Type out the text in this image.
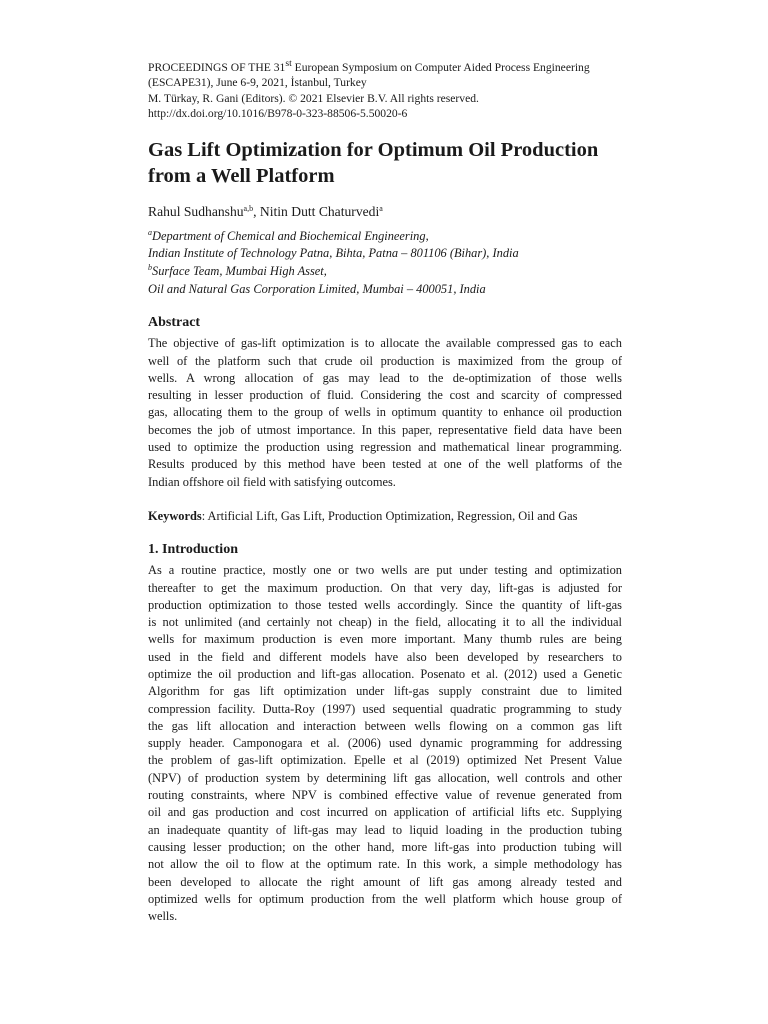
PROCEEDINGS OF THE 31st European Symposium on Computer Aided Process Engineering
(ESCAPE31), June 6-9, 2021, İstanbul, Turkey
M. Türkay, R. Gani (Editors). © 2021 Elsevier B.V. All rights reserved.
http://dx.doi.org/10.1016/B978-0-323-88506-5.50020-6
Gas Lift Optimization for Optimum Oil Production
from a Well Platform
Rahul Sudhanshu$^{a,b}$, Nitin Dutt Chaturvedi$^a$
$^a$Department of Chemical and Biochemical Engineering,
Indian Institute of Technology Patna, Bihta, Patna – 801106 (Bihar), India
$^b$Surface Team, Mumbai High Asset,
Oil and Natural Gas Corporation Limited, Mumbai – 400051, India
Abstract
The objective of gas-lift optimization is to allocate the available compressed gas to each
well of the platform such that crude oil production is maximized from the group of
wells. A wrong allocation of gas may lead to the de-optimization of those wells
resulting in lesser production of fluid. Considering the cost and scarcity of compressed
gas, allocating them to the group of wells in optimum quantity to enhance oil production
becomes the job of utmost importance. In this paper, representative field data have been
used to optimize the production using regression and mathematical linear programming.
Results produced by this method have been tested at one of the well platforms of the
Indian offshore oil field with satisfying outcomes.
Keywords: Artificial Lift, Gas Lift, Production Optimization, Regression, Oil and Gas
1. Introduction
As a routine practice, mostly one or two wells are put under testing and optimization
thereafter to get the maximum production. On that very day, lift-gas is adjusted for
production optimization to those tested wells accordingly. Since the quantity of lift-gas
is not unlimited (and certainly not cheap) in the field, allocating it to all the individual
wells for maximum production is even more important. Many thumb rules are being
used in the field and different models have also been developed by researchers to
optimize the oil production and lift-gas allocation. Posenato et al. (2012) used a Genetic
Algorithm for gas lift optimization under lift-gas supply constraint due to limited
compression facility. Dutta-Roy (1997) used sequential quadratic programming to study
the gas lift allocation and interaction between wells flowing on a common gas lift
supply header. Camponogara et al. (2006) used dynamic programming for addressing
the problem of gas-lift optimization. Epelle et al (2019) optimized Net Present Value
(NPV) of production system by determining lift gas allocation, well controls and other
routing constraints, where NPV is combined effective value of revenue generated from
oil and gas production and cost incurred on application of artificial lifts etc. Supplying
an inadequate quantity of lift-gas may lead to liquid loading in the production tubing
causing lesser production; on the other hand, more lift-gas into production tubing will
not allow the oil to flow at the optimum rate. In this work, a simple methodology has
been developed to allocate the right amount of lift gas among already tested and
optimized wells for optimum production from the well platform which house group of
wells.
